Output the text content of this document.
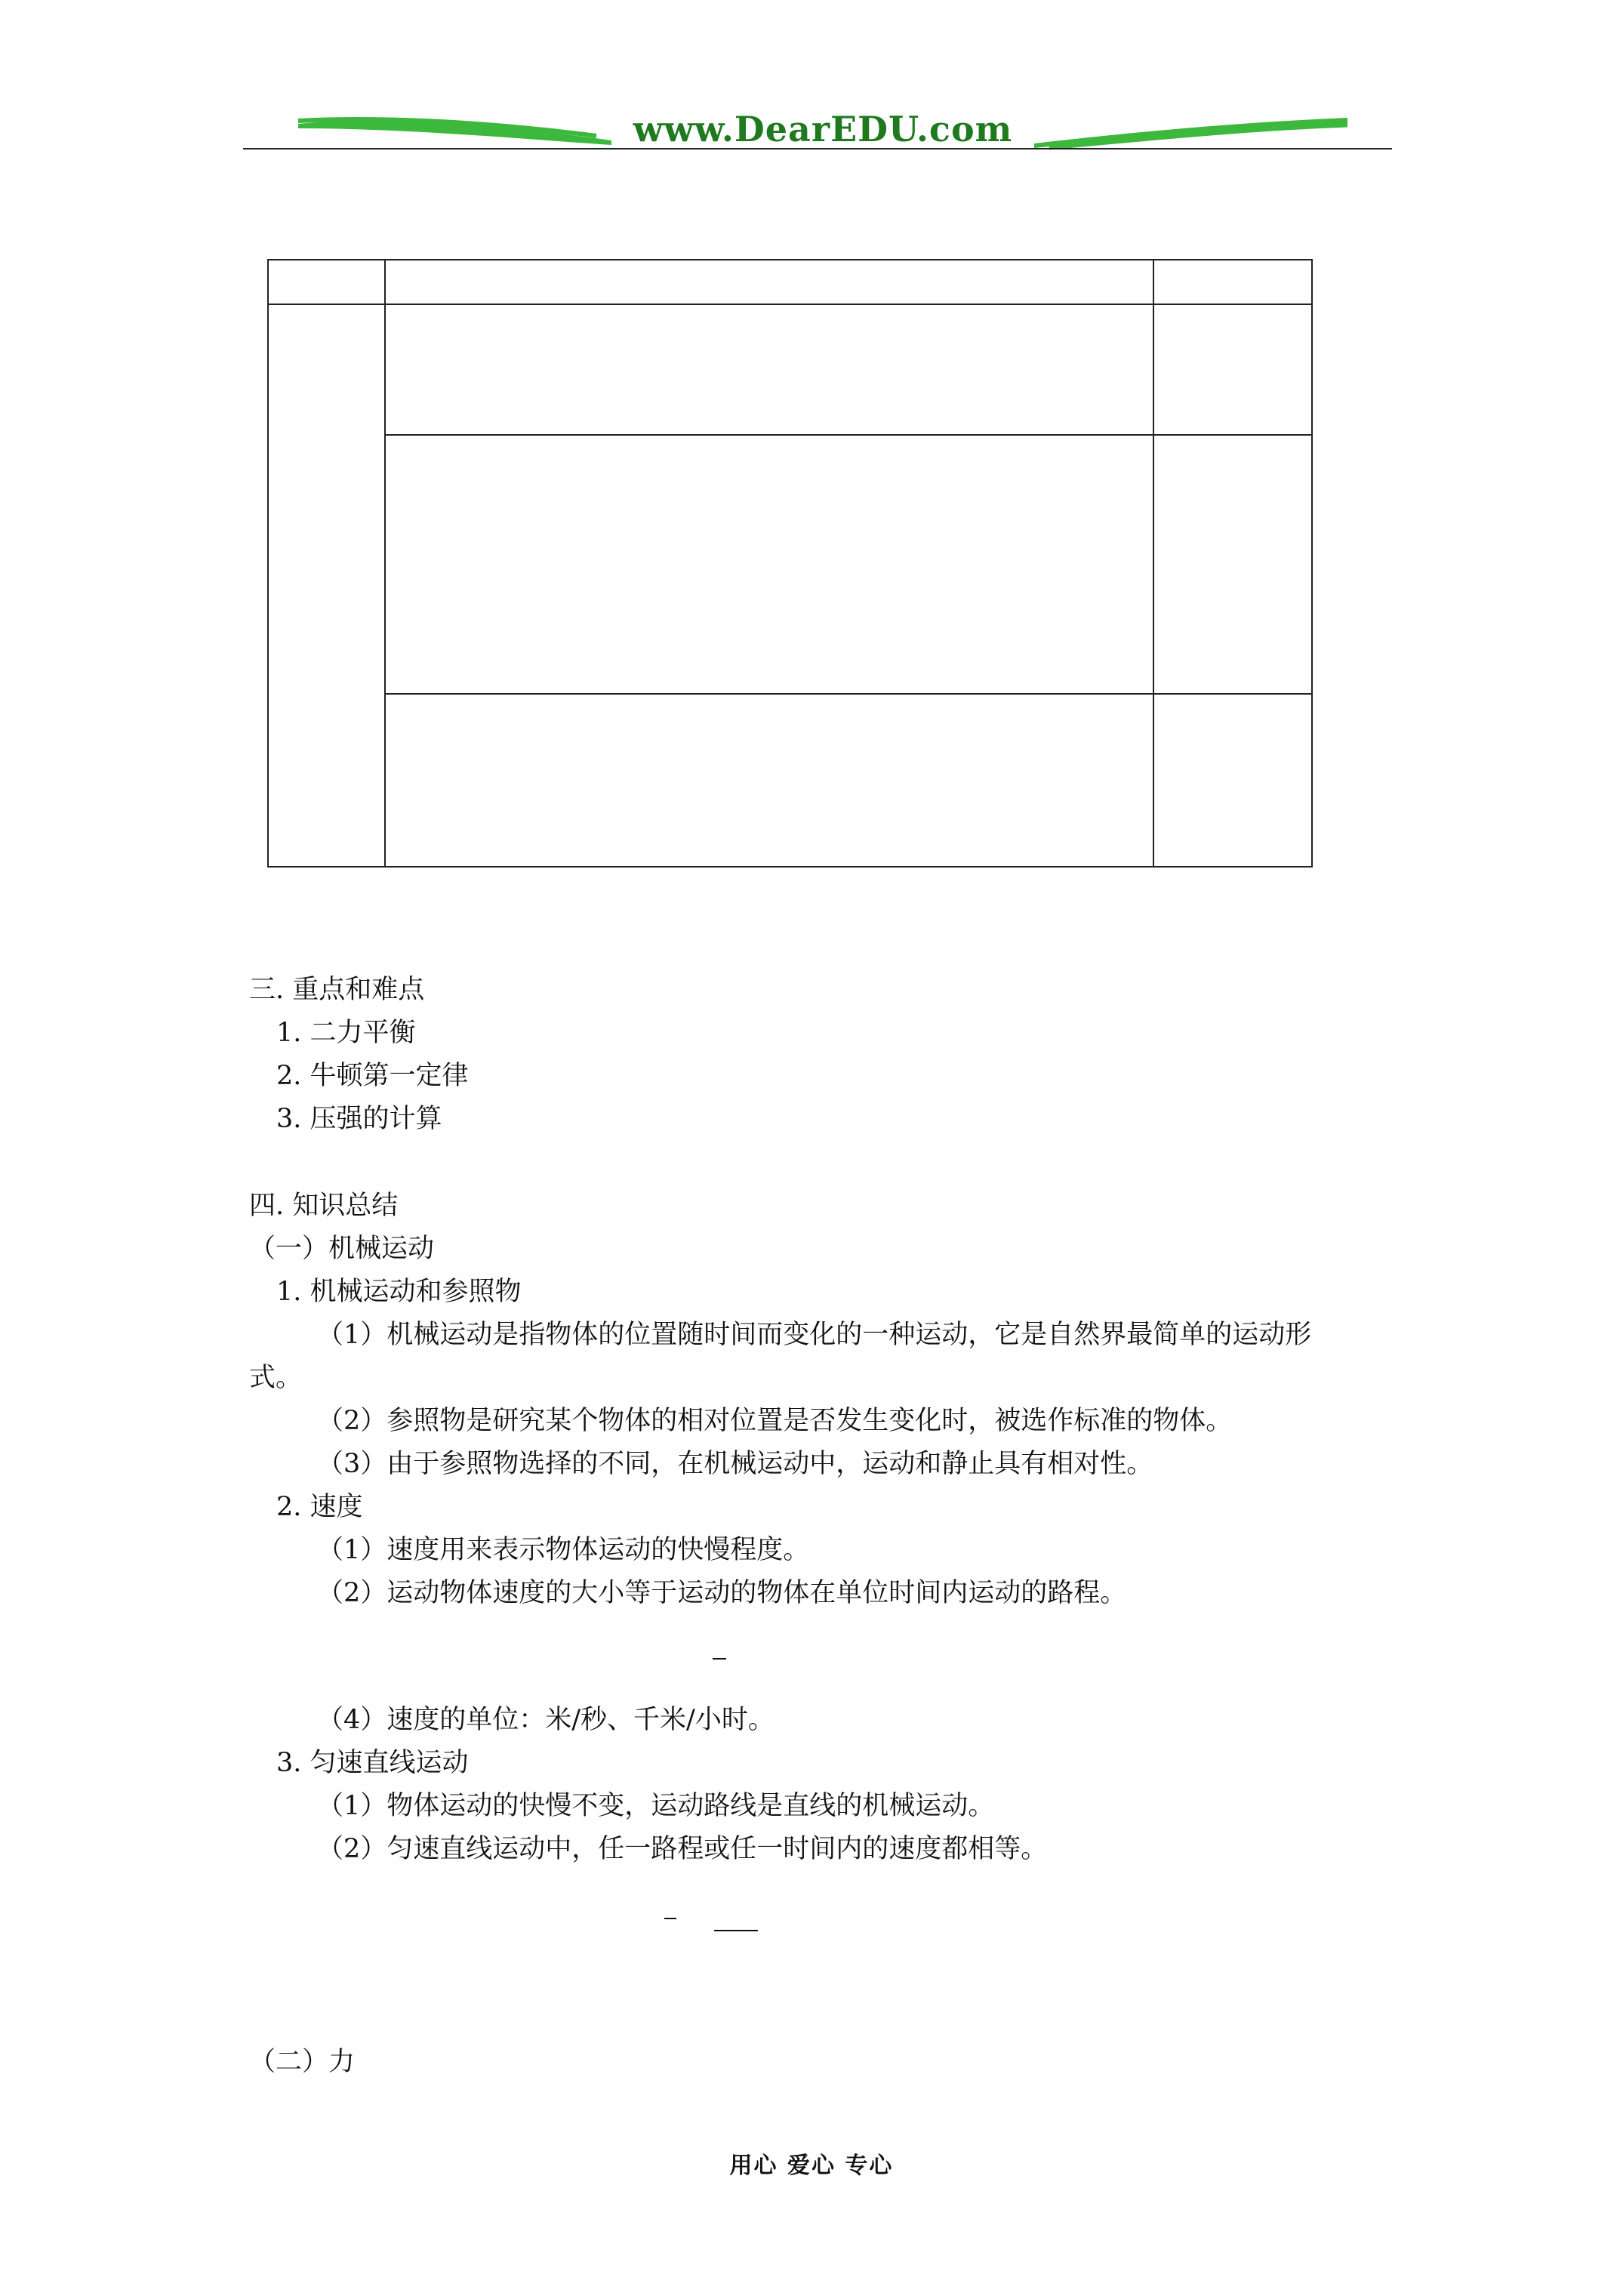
www.DearEDU.com

三. 重点和难点
1. 二力平衡
2. 牛顿第一定律
3. 压强的计算
四. 知识总结
（一）机械运动
1. 机械运动和参照物
（1）机械运动是指物体的位置随时间而变化的一种运动，它是自然界最简单的运动形
式。
（2）参照物是研究某个物体的相对位置是否发生变化时，被选作标准的物体。
（3）由于参照物选择的不同，在机械运动中，运动和静止具有相对性。
2. 速度
（1）速度用来表示物体运动的快慢程度。
（2）运动物体速度的大小等于运动的物体在单位时间内运动的路程。
（4）速度的单位：米/秒、千米/小时。
3. 匀速直线运动
（1）物体运动的快慢不变，运动路线是直线的机械运动。
（2）匀速直线运动中，任一路程或任一时间内的速度都相等。
（二）力
用心 爱心 专心
